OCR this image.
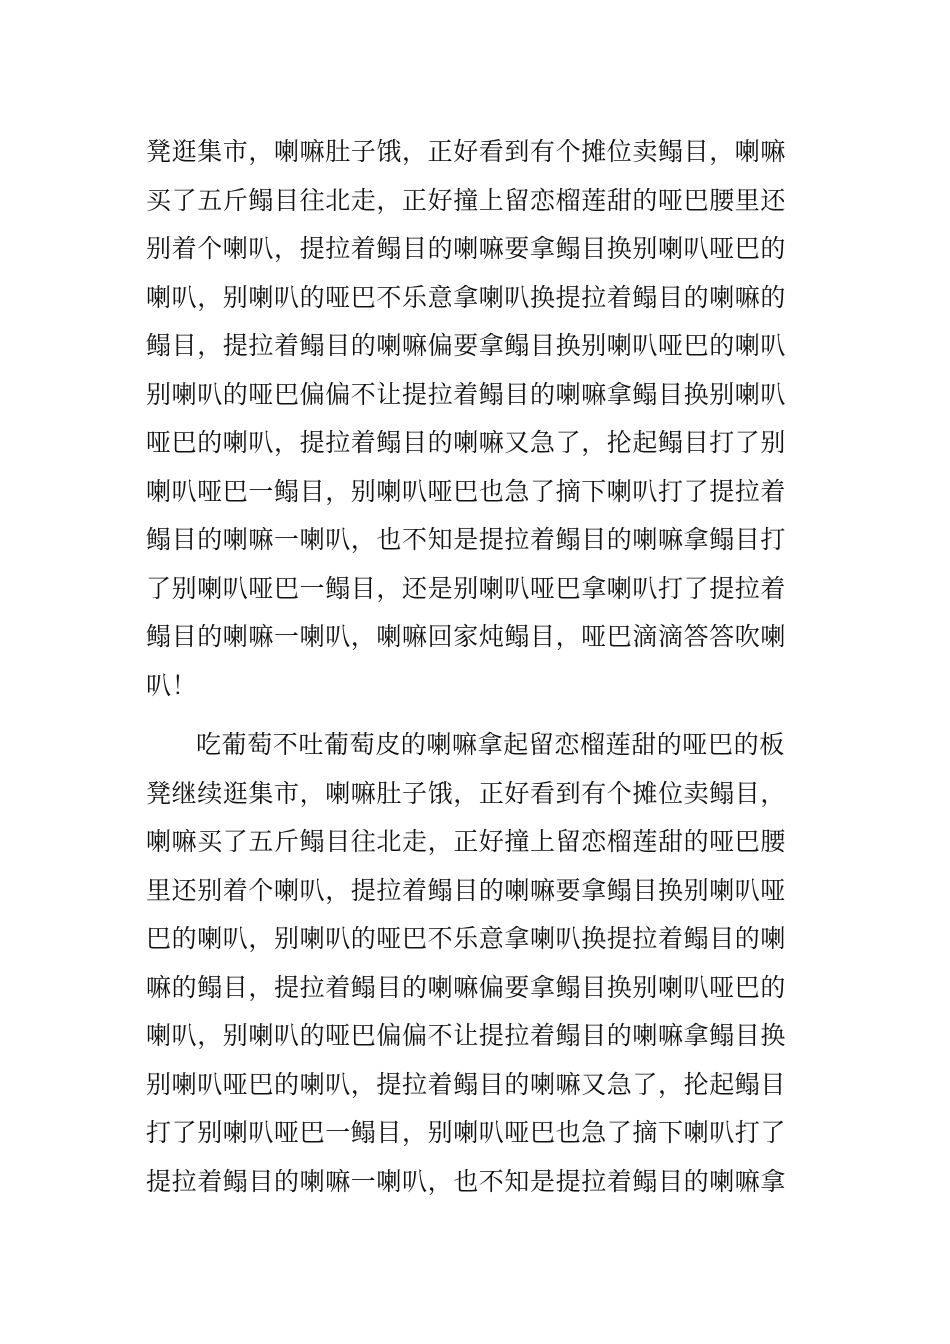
凳逛集市，喇嘛肚子饿，正好看到有个摊位卖鳎目，喇嘛
买了五斤鳎目往北走，正好撞上留恋榴莲甜的哑巴腰里还
别着个喇叭，提拉着鳎目的喇嘛要拿鳎目换别喇叭哑巴的
喇叭，别喇叭的哑巴不乐意拿喇叭换提拉着鳎目的喇嘛的
鳎目，提拉着鳎目的喇嘛偏要拿鳎目换别喇叭哑巴的喇叭
别喇叭的哑巴偏偏不让提拉着鳎目的喇嘛拿鳎目换别喇叭
哑巴的喇叭，提拉着鳎目的喇嘛又急了，抡起鳎目打了别
喇叭哑巴一鳎目，别喇叭哑巴也急了摘下喇叭打了提拉着
鳎目的喇嘛一喇叭，也不知是提拉着鳎目的喇嘛拿鳎目打
了别喇叭哑巴一鳎目，还是别喇叭哑巴拿喇叭打了提拉着
鳎目的喇嘛一喇叭，喇嘛回家炖鳎目，哑巴滴滴答答吹喇
叭！
吃葡萄不吐葡萄皮的喇嘛拿起留恋榴莲甜的哑巴的板
凳继续逛集市，喇嘛肚子饿，正好看到有个摊位卖鳎目，
喇嘛买了五斤鳎目往北走，正好撞上留恋榴莲甜的哑巴腰
里还别着个喇叭，提拉着鳎目的喇嘛要拿鳎目换别喇叭哑
巴的喇叭，别喇叭的哑巴不乐意拿喇叭换提拉着鳎目的喇
嘛的鳎目，提拉着鳎目的喇嘛偏要拿鳎目换别喇叭哑巴的
喇叭，别喇叭的哑巴偏偏不让提拉着鳎目的喇嘛拿鳎目换
别喇叭哑巴的喇叭，提拉着鳎目的喇嘛又急了，抡起鳎目
打了别喇叭哑巴一鳎目，别喇叭哑巴也急了摘下喇叭打了
提拉着鳎目的喇嘛一喇叭，也不知是提拉着鳎目的喇嘛拿
